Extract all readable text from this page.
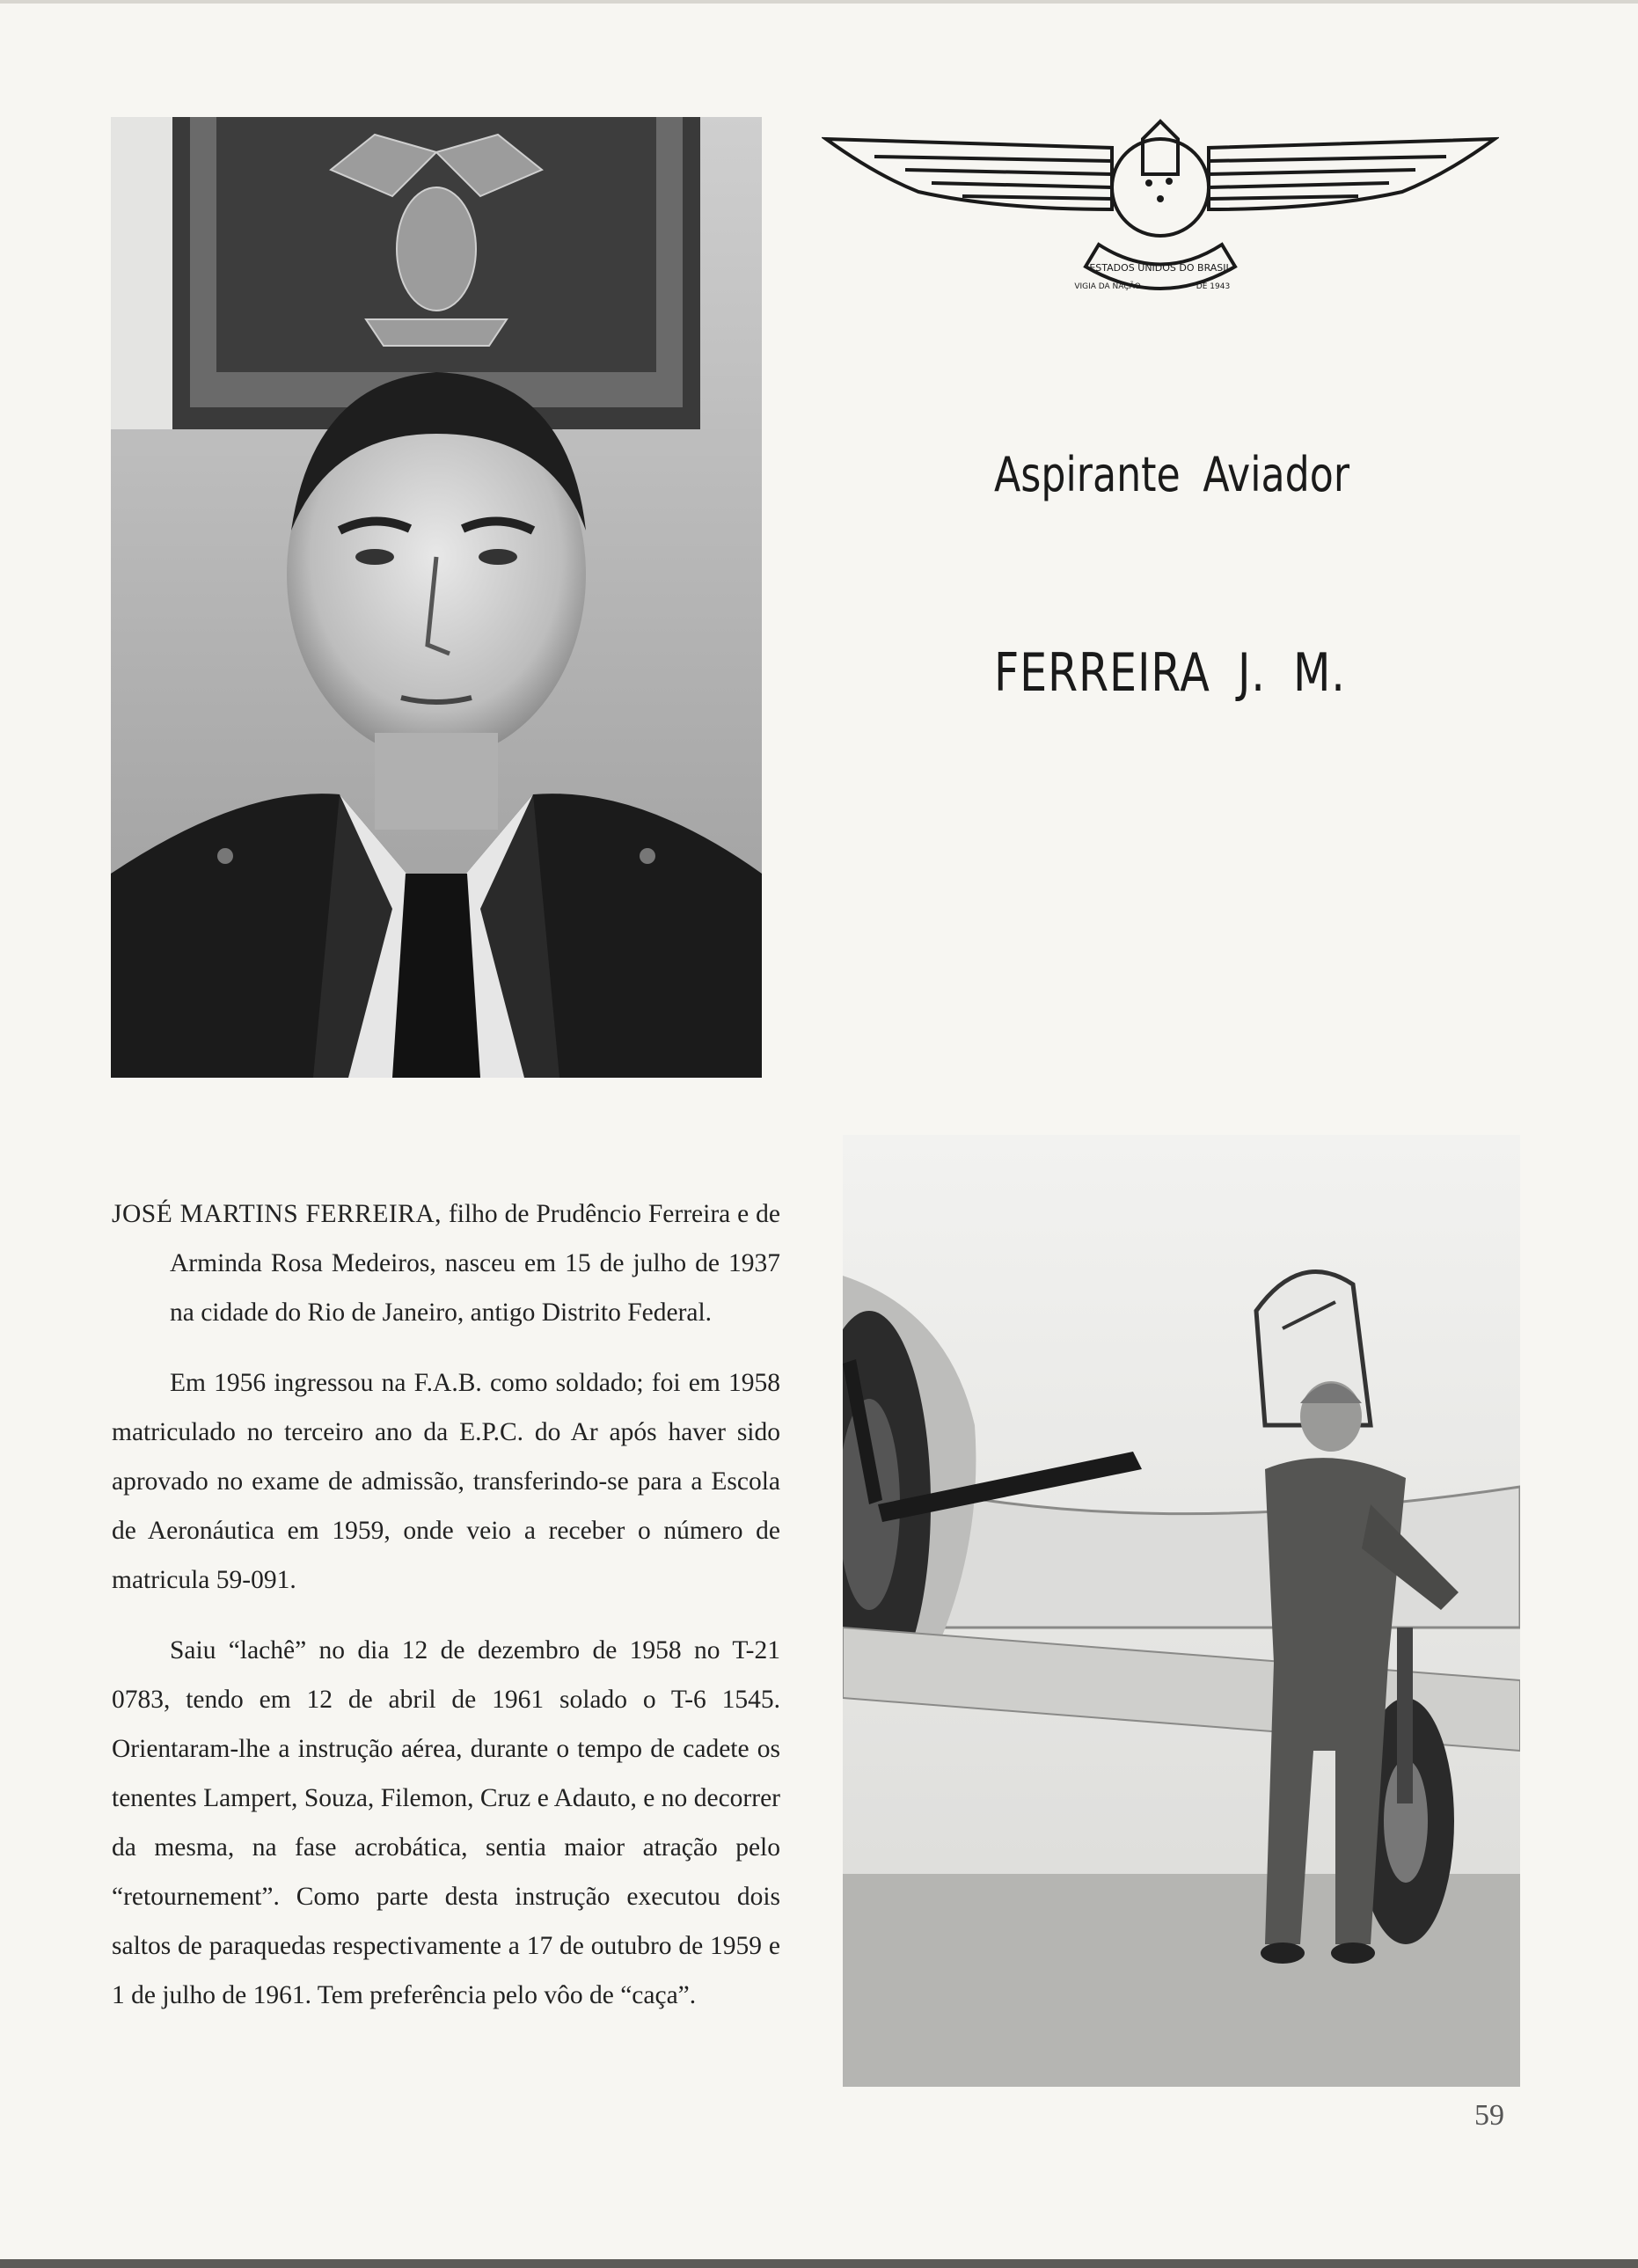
ESTADOS UNIDOS DO BRASIL
VIGIA DA NAÇÃO	DE 1943
Aspirante Aviador
FERREIRA J. M.

JOSÉ MARTINS FERREIRA, filho de Prudêncio Ferreira e de Arminda Rosa Medeiros, nasceu em 15 de julho de 1937 na cidade do Rio de Janeiro, antigo Distrito Federal.

Em 1956 ingressou na F.A.B. como soldado; foi em 1958 matriculado no terceiro ano da E.P.C. do Ar após haver sido aprovado no exame de admissão, transferindo-se para a Escola de Aeronáutica em 1959, onde veio a receber o número de matricula 59-091.

Saiu “lachê” no dia 12 de dezembro de 1958 no T-21 0783, tendo em 12 de abril de 1961 solado o T-6 1545. Orientaram-lhe a instrução aérea, durante o tempo de cadete os tenentes Lampert, Souza, Filemon, Cruz e Adauto, e no decorrer da mesma, na fase acrobática, sentia maior atração pelo “retournement”. Como parte desta instrução executou dois saltos de paraquedas respectivamente a 17 de outubro de 1959 e 1 de julho de 1961. Tem preferência pelo vôo de “caça”.

59
